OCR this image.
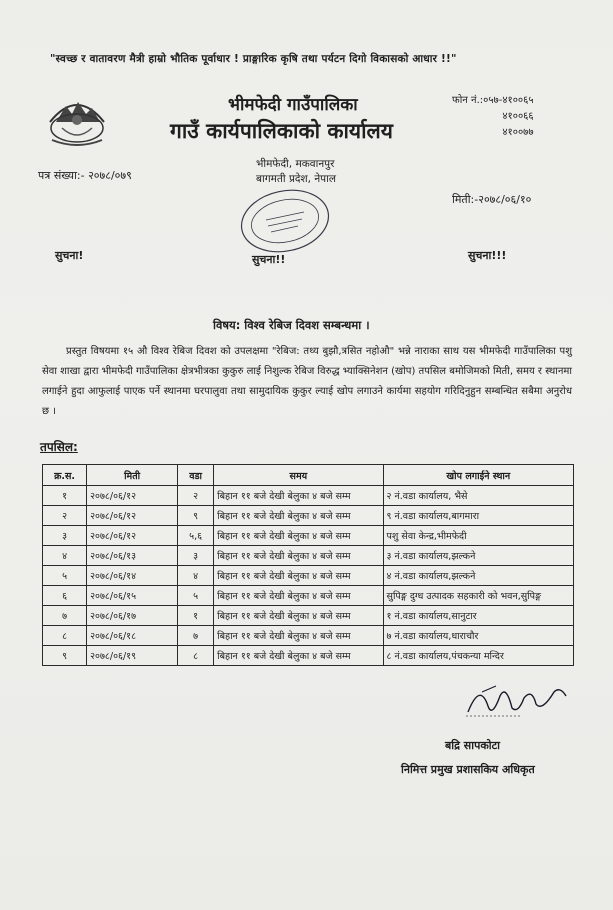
"स्वच्छ र वातावरण मैत्री हाम्रो भौतिक पूर्वाधार ! प्राङ्गारिक कृषि तथा पर्यटन दिगो विकासको आधार !!"
भीमफेदी गाउँपालिका
गाउँ कार्यपालिकाको कार्यालय
फोन नं.:०५७-४१००६५
४१००६६
४१००७७
भीमफेदी, मकवानपुर
बागमती प्रदेश, नेपाल
पत्र संख्या:- २०७८/०७९
मिती:-२०७८/०६/१०
सुचना!	सुचना!!	सुचना!!!
विषय: विश्व रेबिज दिवश सम्बन्धमा ।
प्रस्तुत विषयमा १५ औ विश्व रेबिज दिवश को उपलक्षमा "रेबिज: तथ्य बुझौ,त्रसित नहोऔ" भन्ने नाराका साथ यस भीमफेदी गाउँपालिका पशु सेवा शाखा द्वारा भीमफेदी गाउँपालिका क्षेत्रभीत्रका कुकुरु लाई निशुल्क रेबिज विरुद्ध भ्याक्सिनेशन (खोप) तपसिल बमोजिमको मिती, समय र स्थानमा लगाईने हुदा आफुलाई पाएक पर्ने स्थानमा घरपालुवा तथा सामुदायिक कुकुर ल्याई खोप लगाउने कार्यमा सहयोग गरिदिनुहुन सम्बन्धित सबैमा अनुरोध छ ।
तपसिल:
क्र.स.	मिती	वडा	समय	खोप लगाईने स्थान
१	२०७८/०६/१२	२	बिहान ११ बजे देखी बेलुका ४ बजे सम्म	२ नं.वडा कार्यालय, भैसे
२	२०७८/०६/१२	९	बिहान ११ बजे देखी बेलुका ४ बजे सम्म	९ नं.वडा कार्यालय,बागमारा
३	२०७८/०६/१२	५,६	बिहान ११ बजे देखी बेलुका ४ बजे सम्म	पशु सेवा केन्द्र,भीमफेदी
४	२०७८/०६/१३	३	बिहान ११ बजे देखी बेलुका ४ बजे सम्म	३ नं.वडा कार्यालय,झल्कने
५	२०७८/०६/१४	४	बिहान ११ बजे देखी बेलुका ४ बजे सम्म	४ नं.वडा कार्यालय,झल्कने
६	२०७८/०६/१५	५	बिहान ११ बजे देखी बेलुका ४ बजे सम्म	सुपिङ्ग दुग्ध उत्पादक सहकारी को भवन,सुपिङ्ग
७	२०७८/०६/१७	१	बिहान ११ बजे देखी बेलुका ४ बजे सम्म	१ नं.वडा कार्यालय,सानुटार
८	२०७८/०६/१८	७	बिहान ११ बजे देखी बेलुका ४ बजे सम्म	७ नं.वडा कार्यालय,धाराचौर
९	२०७८/०६/१९	८	बिहान ११ बजे देखी बेलुका ४ बजे सम्म	८ नं.वडा कार्यालय,पंचकन्या मन्दिर
बद्रि सापकोटा
निमित्त प्रमुख प्रशासकिय अधिकृत
